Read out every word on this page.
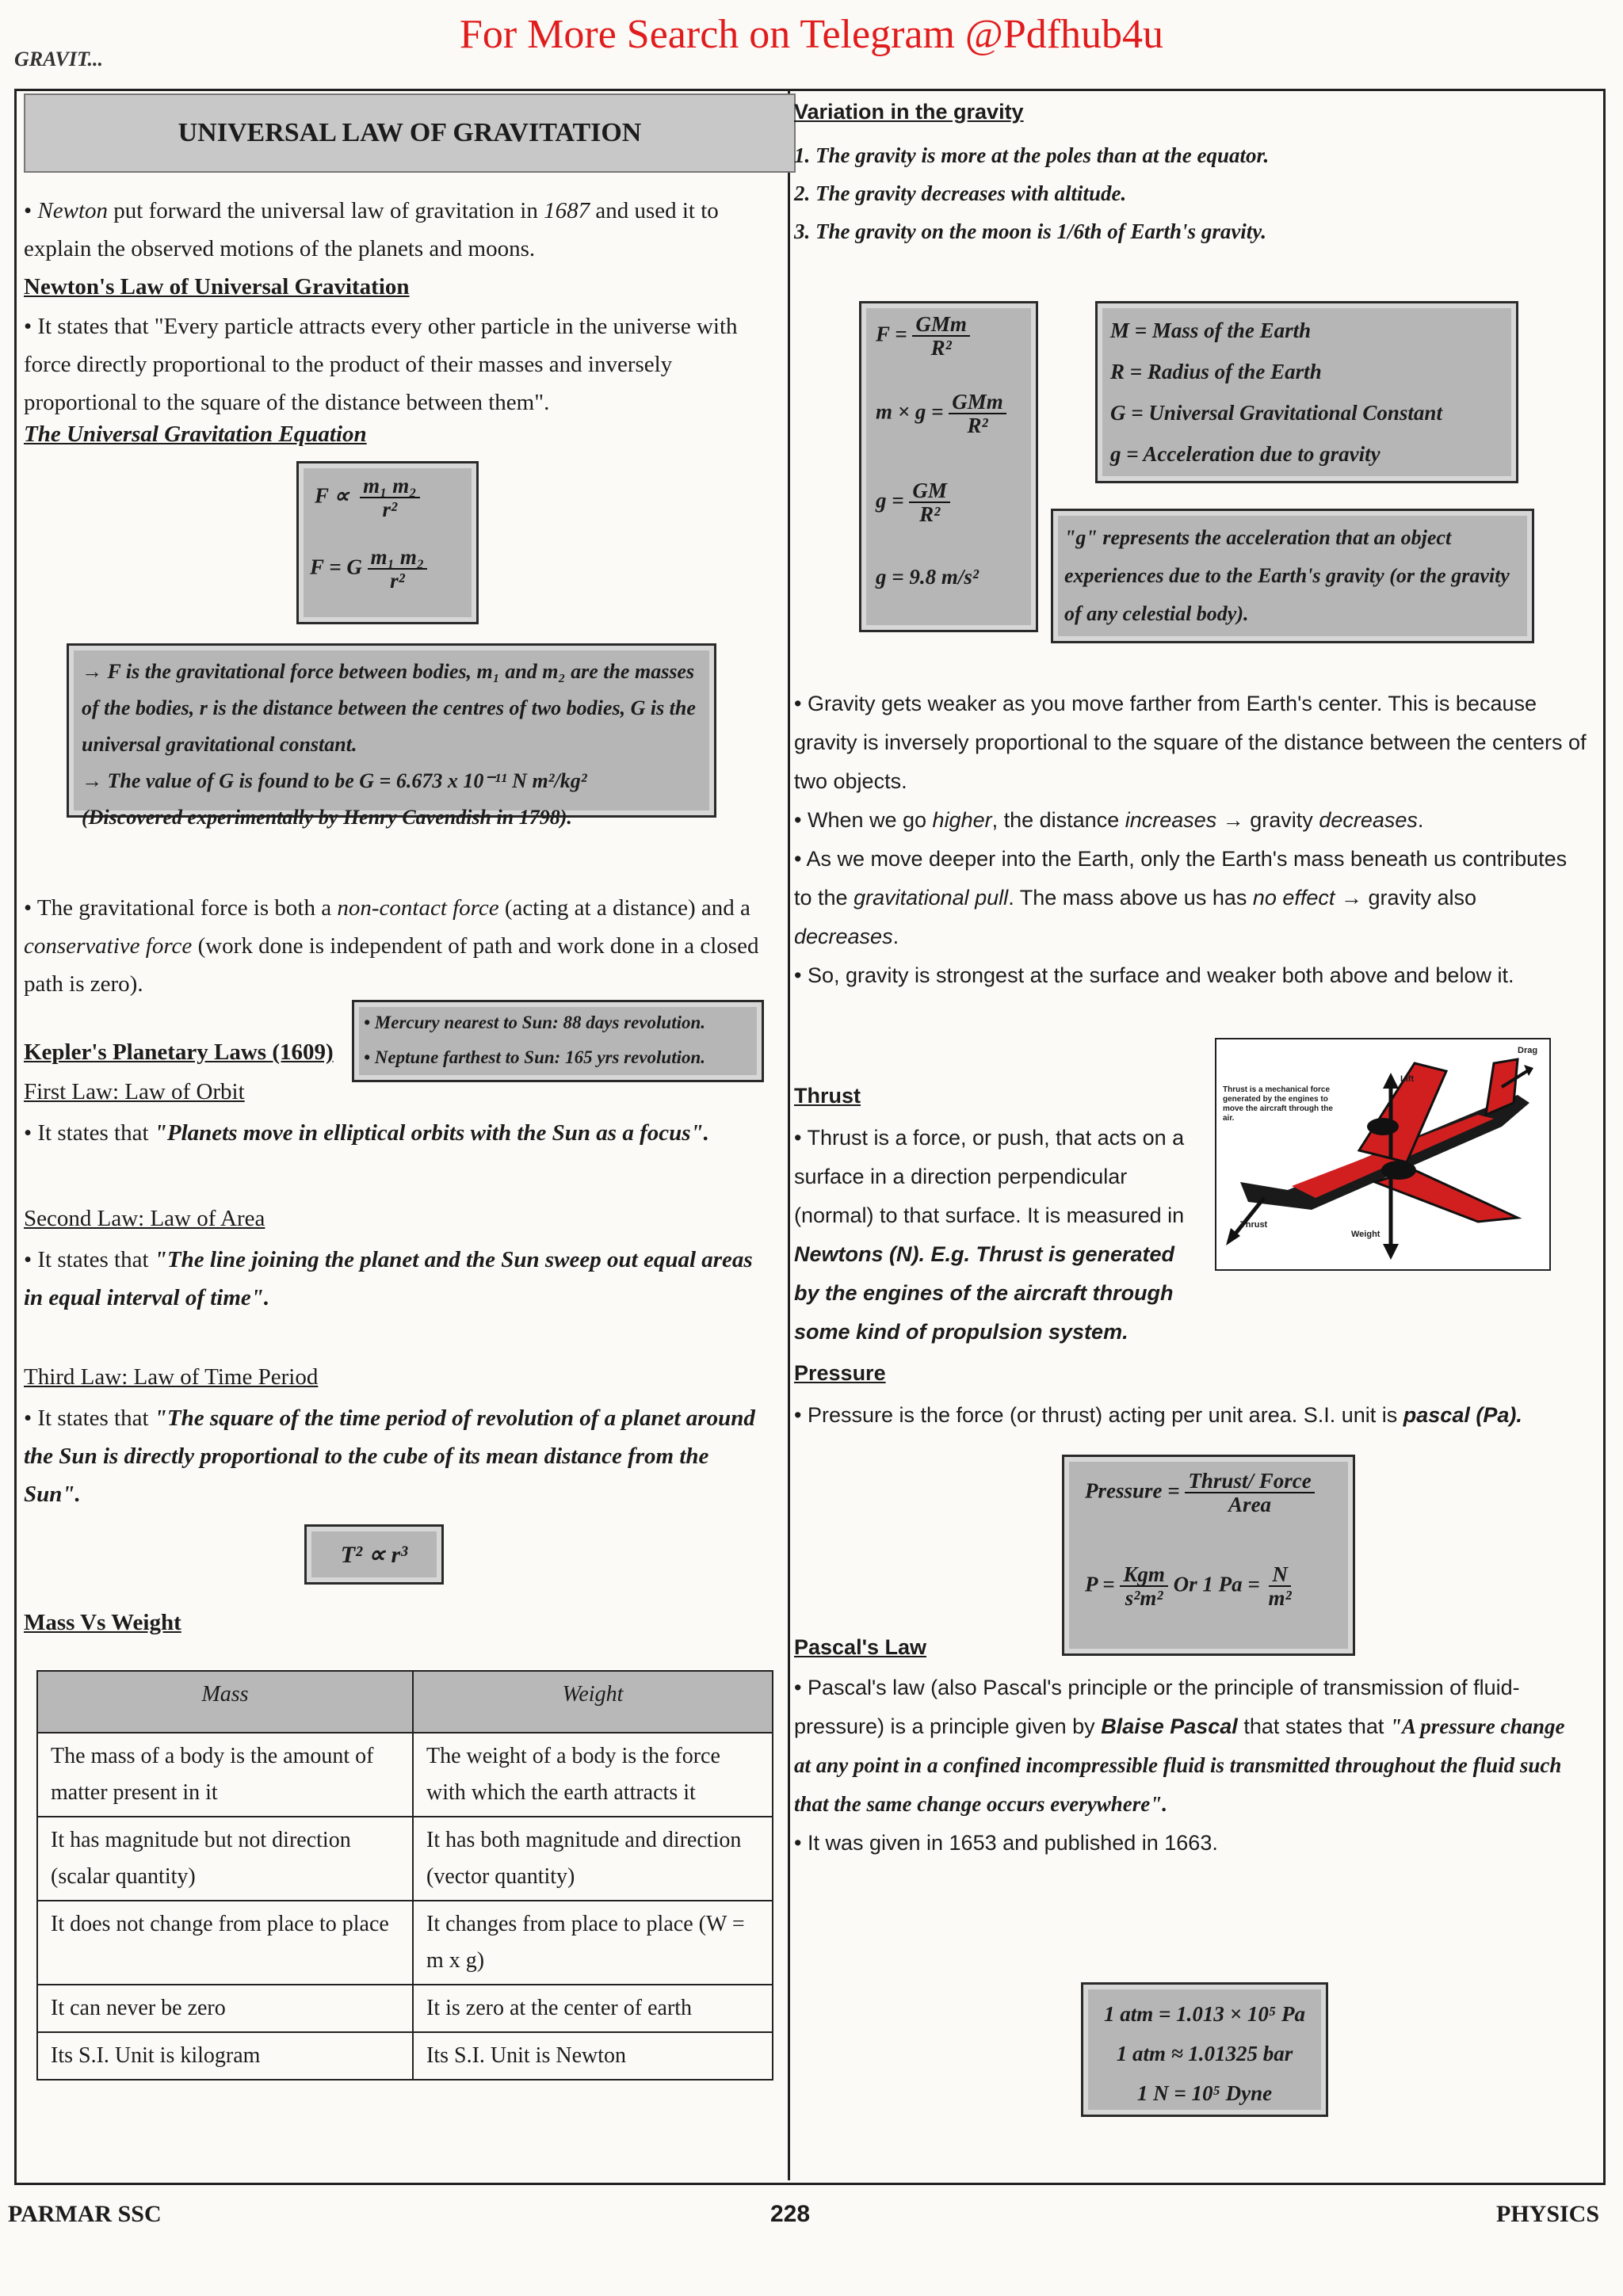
For More Search on Telegram @Pdfhub4u
GRAVIT...
UNIVERSAL LAW OF GRAVITATION

• Newton put forward the universal law of gravitation in 1687 and used it to explain the observed motions of the planets and moons.

Newton's Law of Universal Gravitation
• It states that "Every particle attracts every other particle in the universe with force directly proportional to the product of their masses and inversely proportional to the square of the distance between them".
The Universal Gravitation Equation
$F \propto \frac{\text{m₁ m₂}}{\text{r²}}$
F = G $\frac{\text{m₁ m₂}}{\text{r²}}$
→ F is the gravitational force between bodies, m₁ and m₂ are the masses of the bodies, r is the distance between the centres of two bodies, G is the universal gravitational constant.
→ The value of G is found to be G = 6.673 x 10⁻¹¹ N m²/kg²
(Discovered experimentally by Henry Cavendish in 1798).

• The gravitational force is both a non-contact force (acting at a distance) and a conservative force (work done is independent of path and work done in a closed path is zero).

• Mercury nearest to Sun: 88 days revolution.
• Neptune farthest to Sun: 165 yrs revolution.
Kepler's Planetary Laws (1609)
First Law: Law of Orbit

• It states that "Planets move in elliptical orbits with the Sun as a focus".

Second Law: Law of Area

• It states that "The line joining the planet and the Sun sweep out equal areas in equal interval of time".

Third Law: Law of Time Period

• It states that "The square of the time period of revolution of a planet around the Sun is directly proportional to the cube of its mean distance from the Sun".

T² ∝ r³
Mass Vs Weight
Mass	Weight
The mass of a body is the amount of matter present in it	The weight of a body is the force with which the earth attracts it
It has magnitude but not direction (scalar quantity)	It has both magnitude and direction (vector quantity)
It does not change from place to place	It changes from place to place (W = m x g)
It can never be zero	It is zero at the center of earth
Its S.I. Unit is kilogram	Its S.I. Unit is Newton
Variation in the gravity

1. The gravity is more at the poles than at the equator.

2. The gravity decreases with altitude.

3. The gravity on the moon is 1/6th of Earth's gravity.

$F = \frac{\text{GMm}}{\text{R²}}$
$m \times g = \frac{\text{GMm}}{\text{R²}}$
$g = \frac{GM}{\text{R²}}$
g = 9.8 m/s²
M = Mass of the Earth
R = Radius of the Earth
G = Universal Gravitational Constant
g = Acceleration due to gravity
"g" represents the acceleration that an object experiences due to the Earth's gravity (or the gravity of any celestial body).

• Gravity gets weaker as you move farther from Earth's center. This is because gravity is inversely proportional to the square of the distance between the centers of two objects.

• When we go higher, the distance increases → gravity decreases.

• As we move deeper into the Earth, only the Earth's mass beneath us contributes to the gravitational pull. The mass above us has no effect → gravity also decreases.

• So, gravity is strongest at the surface and weaker both above and below it.

Thrust

• Thrust is a force, or push, that acts on a surface in a direction perpendicular (normal) to that surface. It is measured in Newtons (N). E.g. Thrust is generated by the engines of the aircraft through some kind of propulsion system.

Pressure

• Pressure is the force (or thrust) acting per unit area. S.I. unit is pascal (Pa).

Pressure = $\frac{\text{Thrust/ Force}}{\text{Area}}$
$P = \frac{\text{Kgm}}{\text{s²m²}}$ Or 1 $Pa = \frac{N}{\text{m²}}$
Pascal's Law

• Pascal's law (also Pascal's principle or the principle of transmission of fluid-pressure) is a principle given by Blaise Pascal that states that "A pressure change at any point in a confined incompressible fluid is transmitted throughout the fluid such that the same change occurs everywhere".

• It was given in 1653 and published in 1663.

1 atm = 1.013 × 10⁵ Pa
1 atm ≈ 1.01325 bar
1 N = 10⁵ Dyne
Thrust is a mechanical force generated by the engines to move the aircraft through the air.
Lift
Drag
Thrust
Weight
PARMAR SSC	228	PHYSICS
